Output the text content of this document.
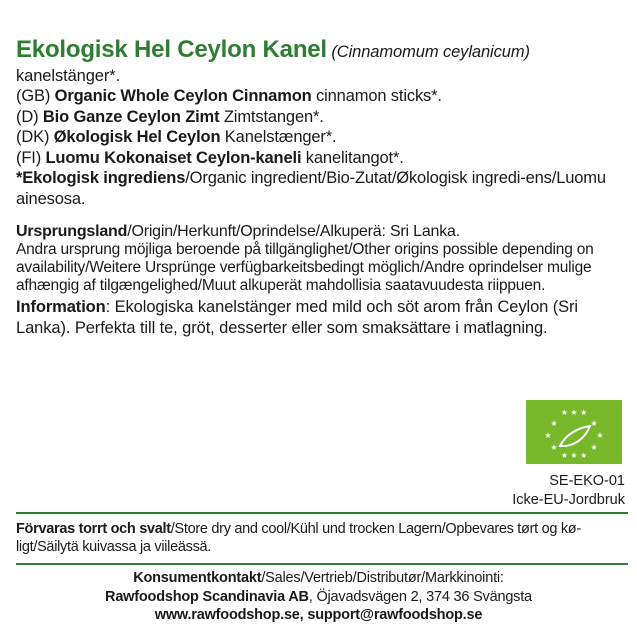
Ekologisk Hel Ceylon Kanel (Cinnamomum ceylanicum) kanelstänger*.
(GB) Organic Whole Ceylon Cinnamon cinnamon sticks*.
(D) Bio Ganze Ceylon Zimt Zimtstangen*.
(DK) Økologisk Hel Ceylon Kanelstænger*.
(FI) Luomu Kokonaiset Ceylon-kaneli kanelitangot*.
*Ekologisk ingrediens/Organic ingredient/Bio-Zutat/Økologisk ingredi-ens/Luomu ainesosa.
Ursprungsland/Origin/Herkunft/Oprindelse/Alkuperä: Sri Lanka.
Andra ursprung möjliga beroende på tillgänglighet/Other origins possible depending on availability/Weitere Ursprünge verfügbarkeitsbedingt möglich/Andre oprindelser mulige afhængig af tilgængelighed/Muut alkuperät mahdollisia saatavuudesta riippuen.
Information: Ekologiska kanelstänger med mild och söt arom från Ceylon (Sri Lanka). Perfekta till te, gröt, desserter eller som smaksättare i matlagning.
★ ★ ★
★	★
★	★
★	★
★ ★ ★
SE-EKO-01
Icke-EU-Jordbruk
Förvaras torrt och svalt/Store dry and cool/Kühl und trocken Lagern/Opbevares tørt og kø-ligt/Säilytä kuivassa ja viileässä.
Konsumentkontakt/Sales/Vertrieb/Distributør/Markkinointi:
Rawfoodshop Scandinavia AB, Öjavadsvägen 2, 374 36 Svängsta
www.rawfoodshop.se, support@rawfoodshop.se
